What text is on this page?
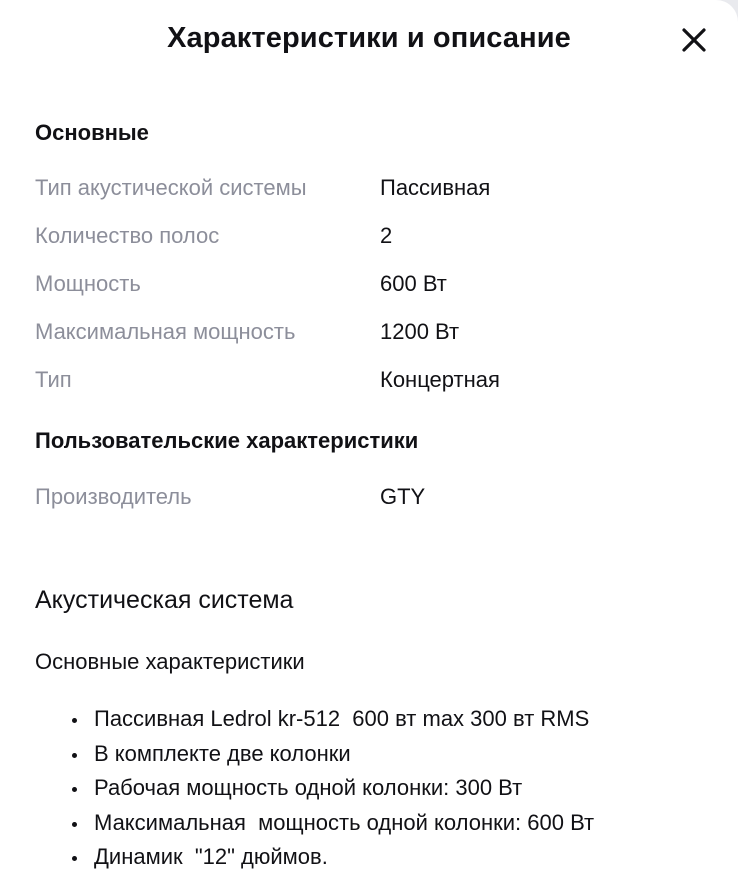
Характеристики и описание
Основные
Тип акустической системы	Пассивная
Количество полос	2
Мощность	600 Вт
Максимальная мощность	1200 Вт
Тип	Концертная
Пользовательские характеристики
Производитель	GTY
Акустическая система
Основные характеристики

Пассивная Ledrol kr-512  600 вт max 300 вт RMS

В комплекте две колонки

Рабочая мощность одной колонки: 300 Вт

Максимальная  мощность одной колонки: 600 Вт

Динамик  "12" дюймов.
